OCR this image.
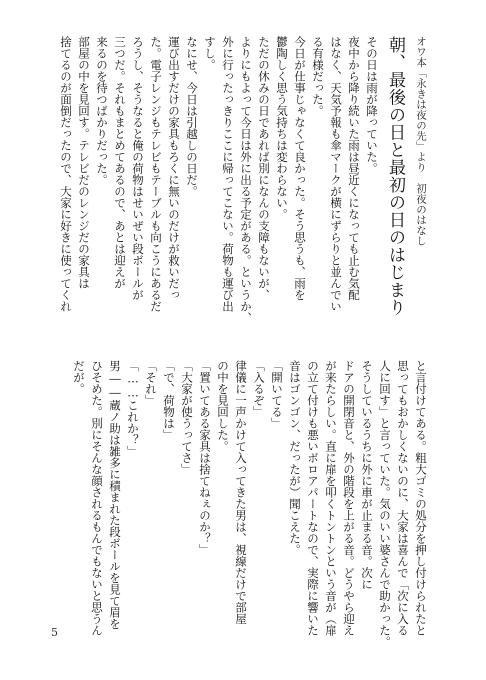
オワ本「永きは夜の先」より　初夜のはなし
朝、最後の日と最初の日のはじまり
その日は雨が降っていた。
夜中から降り続いた雨は昼近くになっても止む気配
はなく、天気予報も傘マークが横にずらりと並んでい
る有様だった。
今日が仕事じゃなくて良かった。そう思うも、雨を
鬱陶しく思う気持ちは変わらない。
ただの休みの日であれば別になんの支障もないが、
よりにもよって今日は外に出る予定がある。というか、
外に行ったっきりここに帰ってこない。荷物も運び出
すし。
なにせ、今日は引越しの日だ。
運び出すだけの家具もろくに無いのだけが救いだっ
た。電子レンジもテレビもテーブルも向こうにあるだ
ろうし、そうなると俺の荷物はせいぜい段ボールが
三つだ。それもまとめてあるので、あとは迎えが
来るのを待つばかりだった。
部屋の中を見回す。テレビだのレンジだの家具は
捨てるのが面倒だったので、大家に好きに使ってくれ
と言付けてある。粗大ゴミの処分を押し付けられたと
思ってもおかしくないのに、大家は喜んで「次に入る
人に回す」と言っていた。気のいい婆さんで助かった。
そうしているうちに外に車が止まる音。次に
ドアの開閉音と、外の階段を上がる音。どうやら迎え
が来たらしい。直に扉を叩くトントンという音が（扉
の立て付けも悪いボロアパートなので、実際に響いた
音はゴンゴン、だったが）聞こえた。
「開いてる」
「入るぞ」
律儀に一声かけて入ってきた男は、視線だけで部屋
の中を見回した。
「置いてある家具は捨てねぇのか？」
「大家が使うってさ」
「で、荷物は」
「それ」
「……これか？」
男――蔵ノ助は雑多に積まれた段ボールを見て眉を
ひそめた。別にそんな顔されるもんでもないと思うん
だが。
5
